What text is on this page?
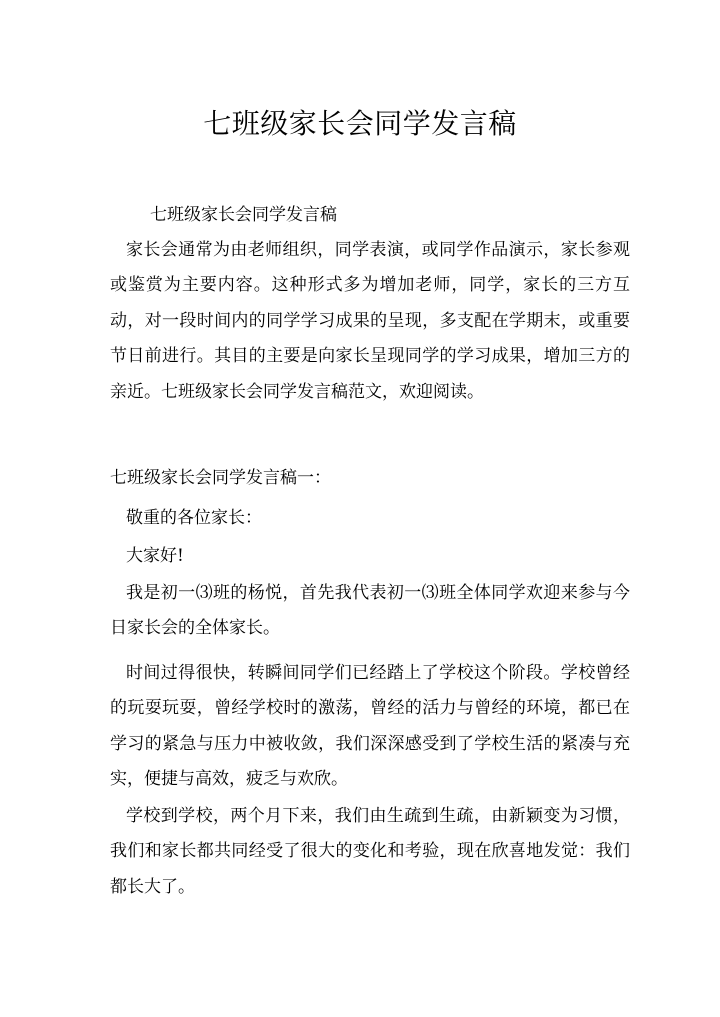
七班级家长会同学发言稿
七班级家长会同学发言稿
家长会通常为由老师组织，同学表演，或同学作品演示，家长参观或鉴赏为主要内容。这种形式多为增加老师，同学，家长的三方互动，对一段时间内的同学学习成果的呈现，多支配在学期末，或重要节日前进行。其目的主要是向家长呈现同学的学习成果，增加三方的亲近。七班级家长会同学发言稿范文，欢迎阅读。
七班级家长会同学发言稿一：
敬重的各位家长：
大家好!
我是初一⑶班的杨悦，首先我代表初一⑶班全体同学欢迎来参与今日家长会的全体家长。
时间过得很快，转瞬间同学们已经踏上了学校这个阶段。学校曾经的玩耍玩耍，曾经学校时的激荡，曾经的活力与曾经的环境，都已在学习的紧急与压力中被收敛，我们深深感受到了学校生活的紧凑与充实，便捷与高效，疲乏与欢欣。
学校到学校，两个月下来，我们由生疏到生疏，由新颖变为习惯，我们和家长都共同经受了很大的变化和考验，现在欣喜地发觉：我们都长大了。
